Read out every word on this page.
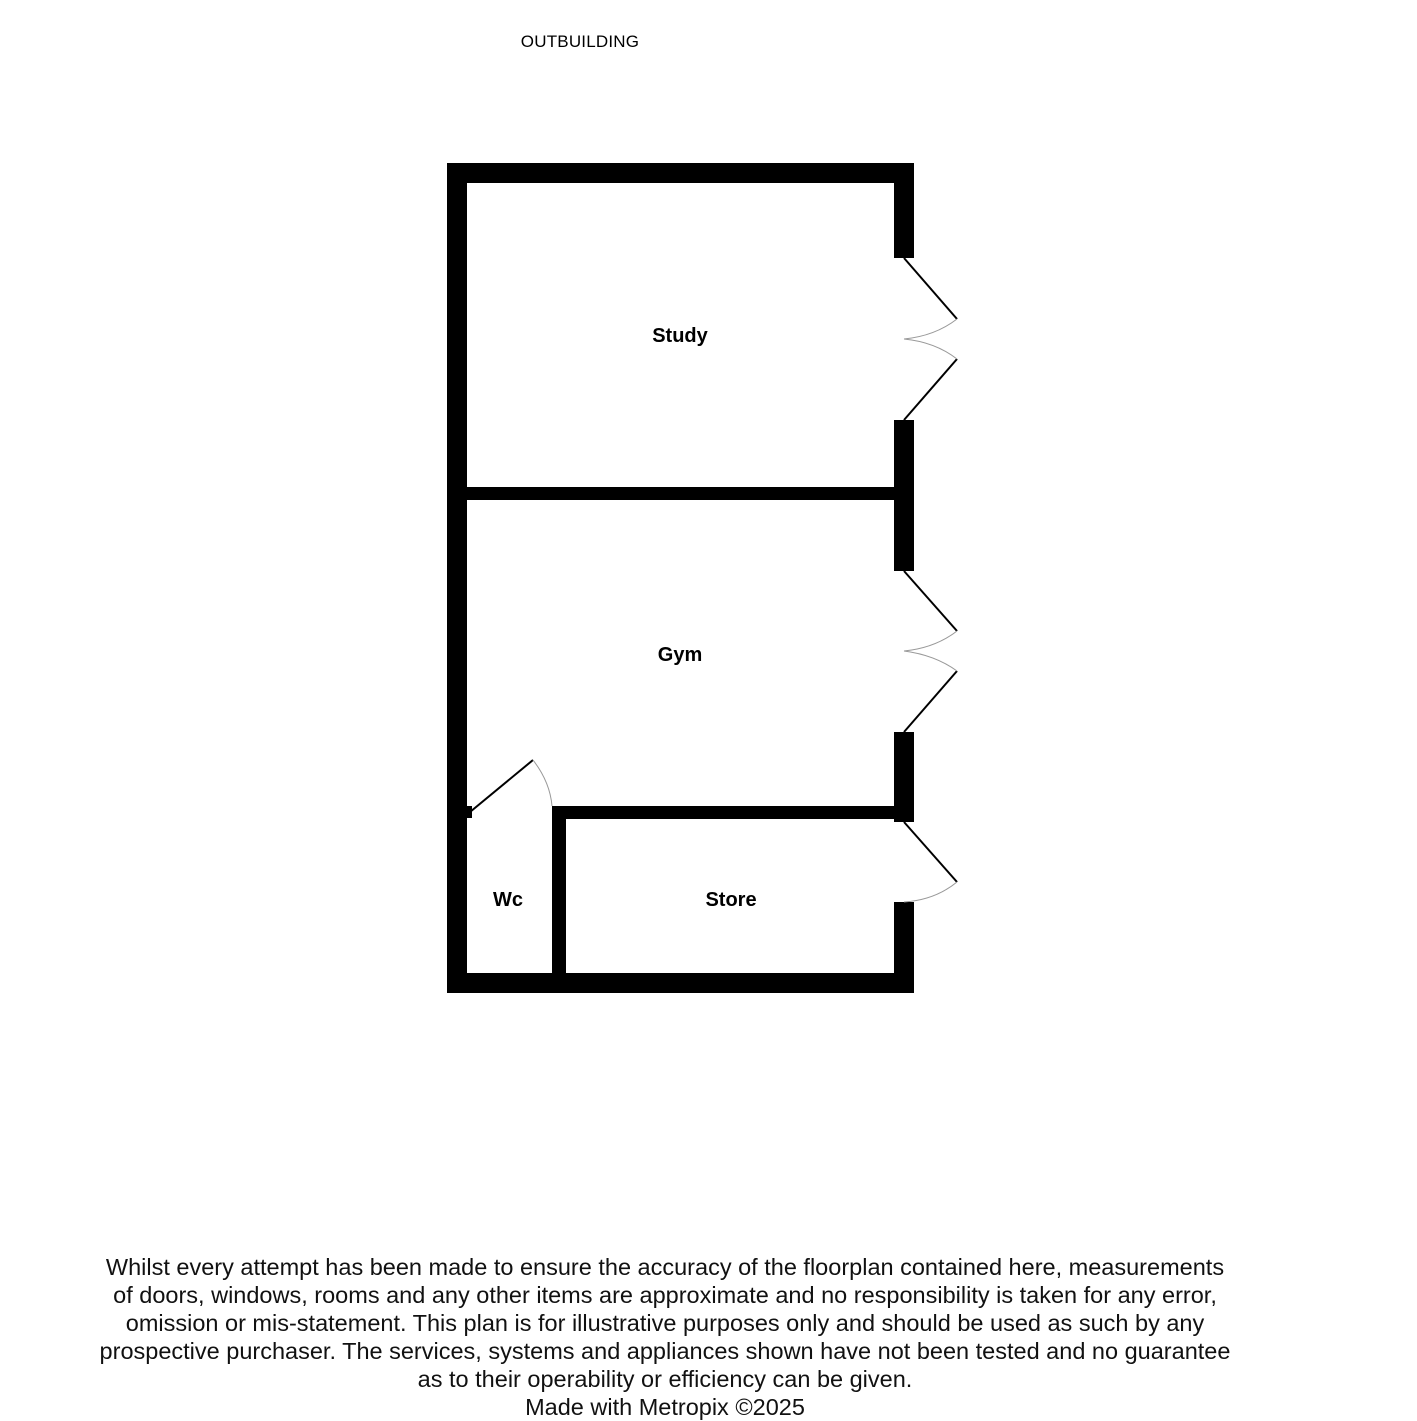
OUTBUILDING
Study
Gym
Wc	Store
Whilst every attempt has been made to ensure the accuracy of the floorplan contained here, measurements
of doors, windows, rooms and any other items are approximate and no responsibility is taken for any error,
omission or mis-statement. This plan is for illustrative purposes only and should be used as such by any
prospective purchaser. The services, systems and appliances shown have not been tested and no guarantee
as to their operability or efficiency can be given.
Made with Metropix ©2025
